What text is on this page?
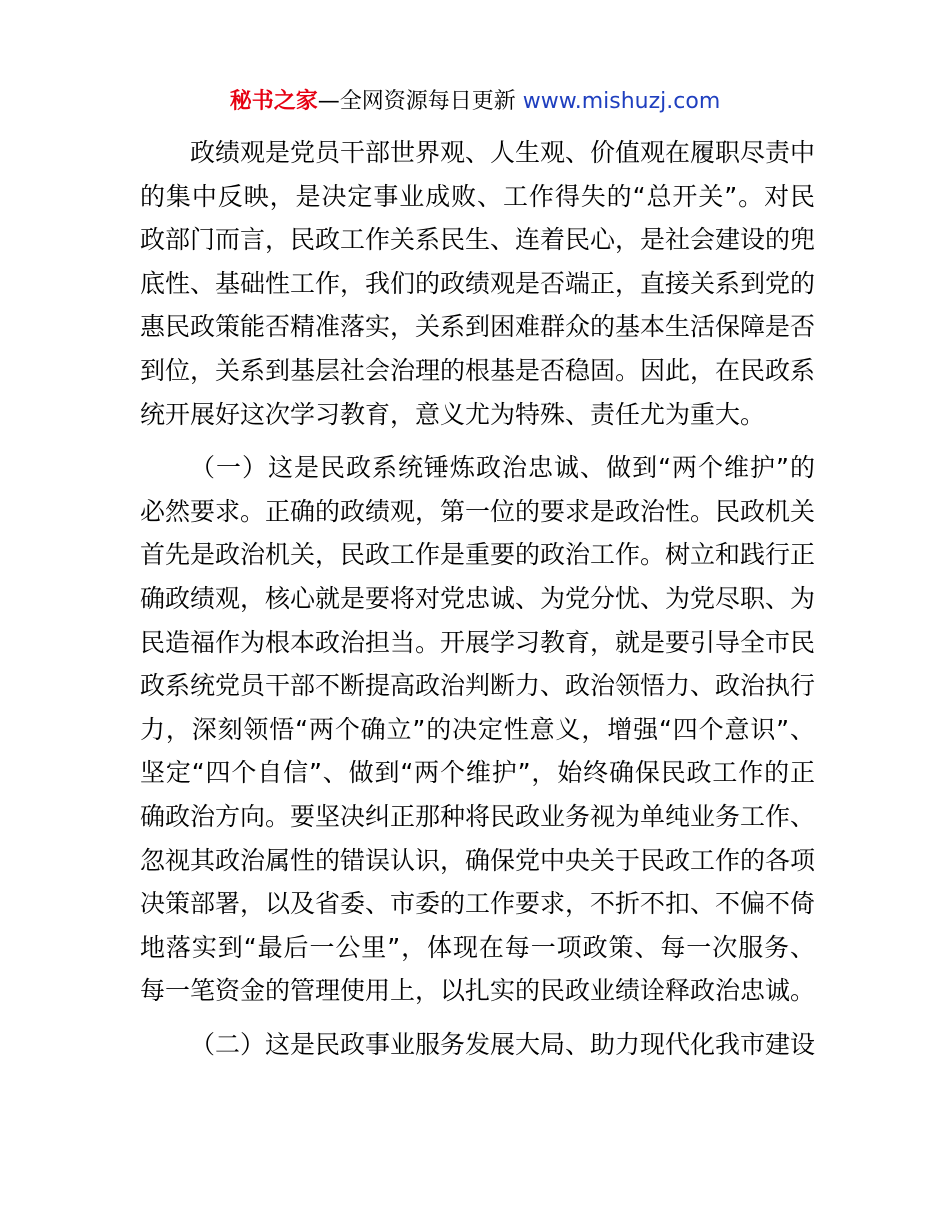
秘书之家—全网资源每日更新 www.mishuzj.com

政绩观是党员干部世界观、人生观、价值观在履职尽责中的集中反映，是决定事业成败、工作得失的“总开关”。对民政部门而言，民政工作关系民生、连着民心，是社会建设的兜底性、基础性工作，我们的政绩观是否端正，直接关系到党的惠民政策能否精准落实，关系到困难群众的基本生活保障是否到位，关系到基层社会治理的根基是否稳固。因此，在民政系统开展好这次学习教育，意义尤为特殊、责任尤为重大。

（一）这是民政系统锤炼政治忠诚、做到“两个维护”的必然要求。正确的政绩观，第一位的要求是政治性。民政机关首先是政治机关，民政工作是重要的政治工作。树立和践行正确政绩观，核心就是要将对党忠诚、为党分忧、为党尽职、为民造福作为根本政治担当。开展学习教育，就是要引导全市民政系统党员干部不断提高政治判断力、政治领悟力、政治执行力，深刻领悟“两个确立”的决定性意义，增强“四个意识”、坚定“四个自信”、做到“两个维护”，始终确保民政工作的正确政治方向。要坚决纠正那种将民政业务视为单纯业务工作、忽视其政治属性的错误认识，确保党中央关于民政工作的各项决策部署，以及省委、市委的工作要求，不折不扣、不偏不倚地落实到“最后一公里”，体现在每一项政策、每一次服务、每一笔资金的管理使用上，以扎实的民政业绩诠释政治忠诚。

（二）这是民政事业服务发展大局、助力现代化我市建设
